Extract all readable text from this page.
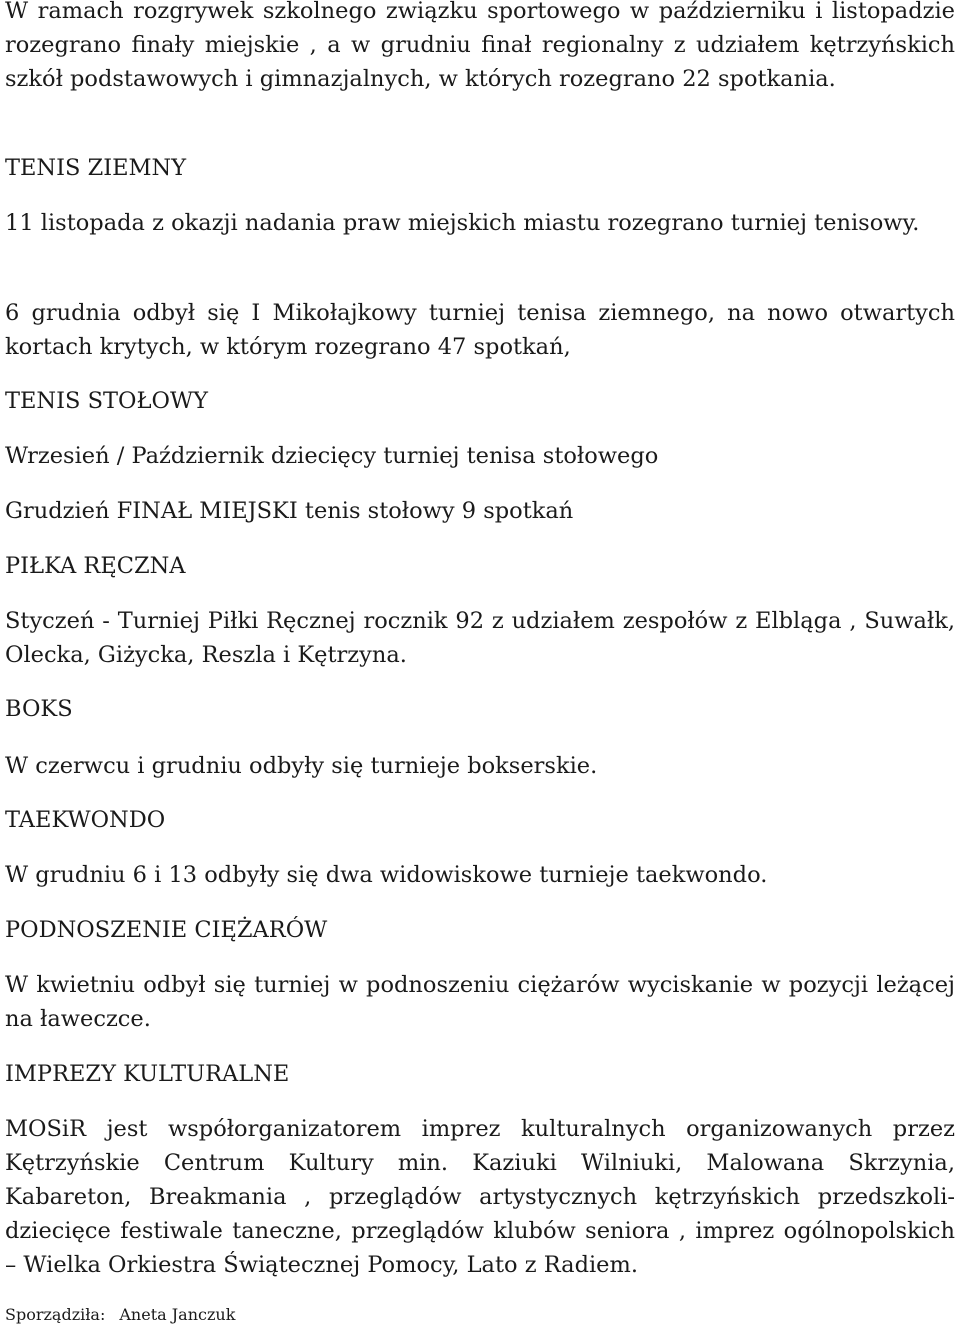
W ramach rozgrywek szkolnego związku sportowego w październiku i listopadzie rozegrano finały miejskie , a w grudniu finał regionalny z udziałem kętrzyńskich szkół podstawowych i gimnazjalnych, w których rozegrano 22 spotkania.

TENIS ZIEMNY

11 listopada z okazji nadania praw miejskich miastu rozegrano turniej tenisowy.

6 grudnia odbył się I Mikołajkowy turniej tenisa ziemnego, na nowo otwartych kortach krytych, w którym rozegrano 47 spotkań,

TENIS STOŁOWY

Wrzesień / Październik dziecięcy turniej tenisa stołowego

Grudzień FINAŁ MIEJSKI tenis stołowy 9 spotkań

PIŁKA RĘCZNA

Styczeń - Turniej Piłki Ręcznej rocznik 92 z udziałem zespołów z Elbląga , Suwałk, Olecka, Giżycka, Reszla i Kętrzyna.

BOKS

W czerwcu i grudniu odbyły się turnieje bokserskie.

TAEKWONDO

W grudniu 6 i 13 odbyły się dwa widowiskowe turnieje taekwondo.

PODNOSZENIE CIĘŻARÓW

W kwietniu odbył się turniej w podnoszeniu ciężarów wyciskanie w pozycji leżącej na ławeczce.

IMPREZY KULTURALNE

MOSiR jest współorganizatorem imprez kulturalnych organizowanych przez Kętrzyńskie Centrum Kultury min. Kaziuki Wilniuki, Malowana Skrzynia, Kabareton, Breakmania , przeglądów artystycznych kętrzyńskich przedszkoli- dziecięce festiwale taneczne, przeglądów klubów seniora , imprez ogólnopolskich – Wielka Orkiestra Świątecznej Pomocy, Lato z Radiem.

Sporządziła: Aneta Janczuk
